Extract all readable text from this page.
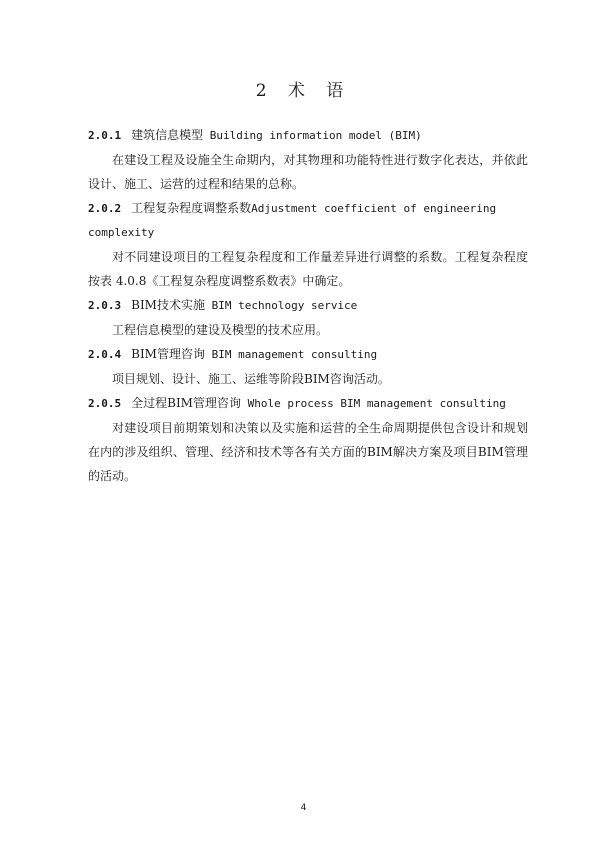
2 术 语
2.0.1 建筑信息模型 Building information model (BIM)
在建设工程及设施全生命期内，对其物理和功能特性进行数字化表达，并依此设计、施工、运营的过程和结果的总称。
2.0.2 工程复杂程度调整系数Adjustment coefficient of engineering complexity
对不同建设项目的工程复杂程度和工作量差异进行调整的系数。工程复杂程度按表 4.0.8《工程复杂程度调整系数表》中确定。
2.0.3 BIM技术实施 BIM technology service
工程信息模型的建设及模型的技术应用。
2.0.4 BIM管理咨询 BIM management consulting
项目规划、设计、施工、运维等阶段BIM咨询活动。
2.0.5 全过程BIM管理咨询 Whole process BIM management consulting
对建设项目前期策划和决策以及实施和运营的全生命周期提供包含设计和规划在内的涉及组织、管理、经济和技术等各有关方面的BIM解决方案及项目BIM管理的活动。
4
